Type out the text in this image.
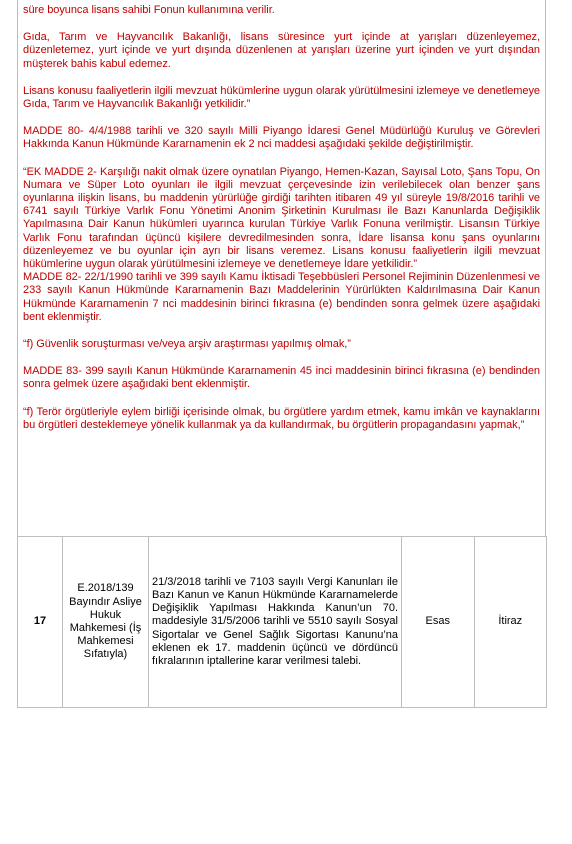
süre boyunca lisans sahibi Fonun kullanımına verilir.

Gıda, Tarım ve Hayvancılık Bakanlığı, lisans süresince yurt içinde at yarışları düzenleyemez, düzenletemez, yurt içinde ve yurt dışında düzenlenen at yarışları üzerine yurt içinden ve yurt dışından müşterek bahis kabul edemez.

Lisans konusu faaliyetlerin ilgili mevzuat hükümlerine uygun olarak yürütülmesini izlemeye ve denetlemeye Gıda, Tarım ve Hayvancılık Bakanlığı yetkilidir.”

MADDE 80- 4/4/1988 tarihli ve 320 sayılı Milli Piyango İdaresi Genel Müdürlüğü Kuruluş ve Görevleri Hakkında Kanun Hükmünde Kararnamenin ek 2 nci maddesi aşağıdaki şekilde değiştirilmiştir.

“EK MADDE 2- Karşılığı nakit olmak üzere oynatılan Piyango, Hemen-Kazan, Sayısal Loto, Şans Topu, On Numara ve Süper Loto oyunları ile ilgili mevzuat çerçevesinde izin verilebilecek olan benzer şans oyunlarına ilişkin lisans, bu maddenin yürürlüğe girdiği tarihten itibaren 49 yıl süreyle 19/8/2016 tarihli ve 6741 sayılı Türkiye Varlık Fonu Yönetimi Anonim Şirketinin Kurulması ile Bazı Kanunlarda Değişiklik Yapılmasına Dair Kanun hükümleri uyarınca kurulan Türkiye Varlık Fonuna verilmiştir. Lisansın Türkiye Varlık Fonu tarafından üçüncü kişilere devredilmesinden sonra, İdare lisansa konu şans oyunlarını düzenleyemez ve bu oyunlar için ayrı bir lisans veremez. Lisans konusu faaliyetlerin ilgili mevzuat hükümlerine uygun olarak yürütülmesini izlemeye ve denetlemeye İdare yetkilidir.”

MADDE 82- 22/1/1990 tarihli ve 399 sayılı Kamu İktisadi Teşebbüsleri Personel Rejiminin Düzenlenmesi ve 233 sayılı Kanun Hükmünde Kararnamenin Bazı Maddelerinin Yürürlükten Kaldırılmasına Dair Kanun Hükmünde Kararnamenin 7 nci maddesinin birinci fıkrasına (e) bendinden sonra gelmek üzere aşağıdaki bent eklenmiştir.

“f) Güvenlik soruşturması ve/veya arşiv araştırması yapılmış olmak,”

MADDE 83- 399 sayılı Kanun Hükmünde Kararnamenin 45 inci maddesinin birinci fıkrasına (e) bendinden sonra gelmek üzere aşağıdaki bent eklenmiştir.

“f) Terör örgütleriyle eylem birliği içerisinde olmak, bu örgütlere yardım etmek, kamu imkân ve kaynaklarını bu örgütleri desteklemeye yönelik kullanmak ya da kullandırmak, bu örgütlerin propagandasını yapmak,”

17	E.2018/139 Bayındır Asliye Hukuk Mahkemesi (İş Mahkemesi Sıfatıyla)	21/3/2018 tarihli ve 7103 sayılı Vergi Kanunları ile Bazı Kanun ve Kanun Hükmünde Kararnamelerde Değişiklik Yapılması Hakkında Kanun’un 70. maddesiyle 31/5/2006 tarihli ve 5510 sayılı Sosyal Sigortalar ve Genel Sağlık Sigortası Kanunu’na eklenen ek 17. maddenin üçüncü ve dördüncü fıkralarının iptallerine karar verilmesi talebi.	Esas	İtiraz
